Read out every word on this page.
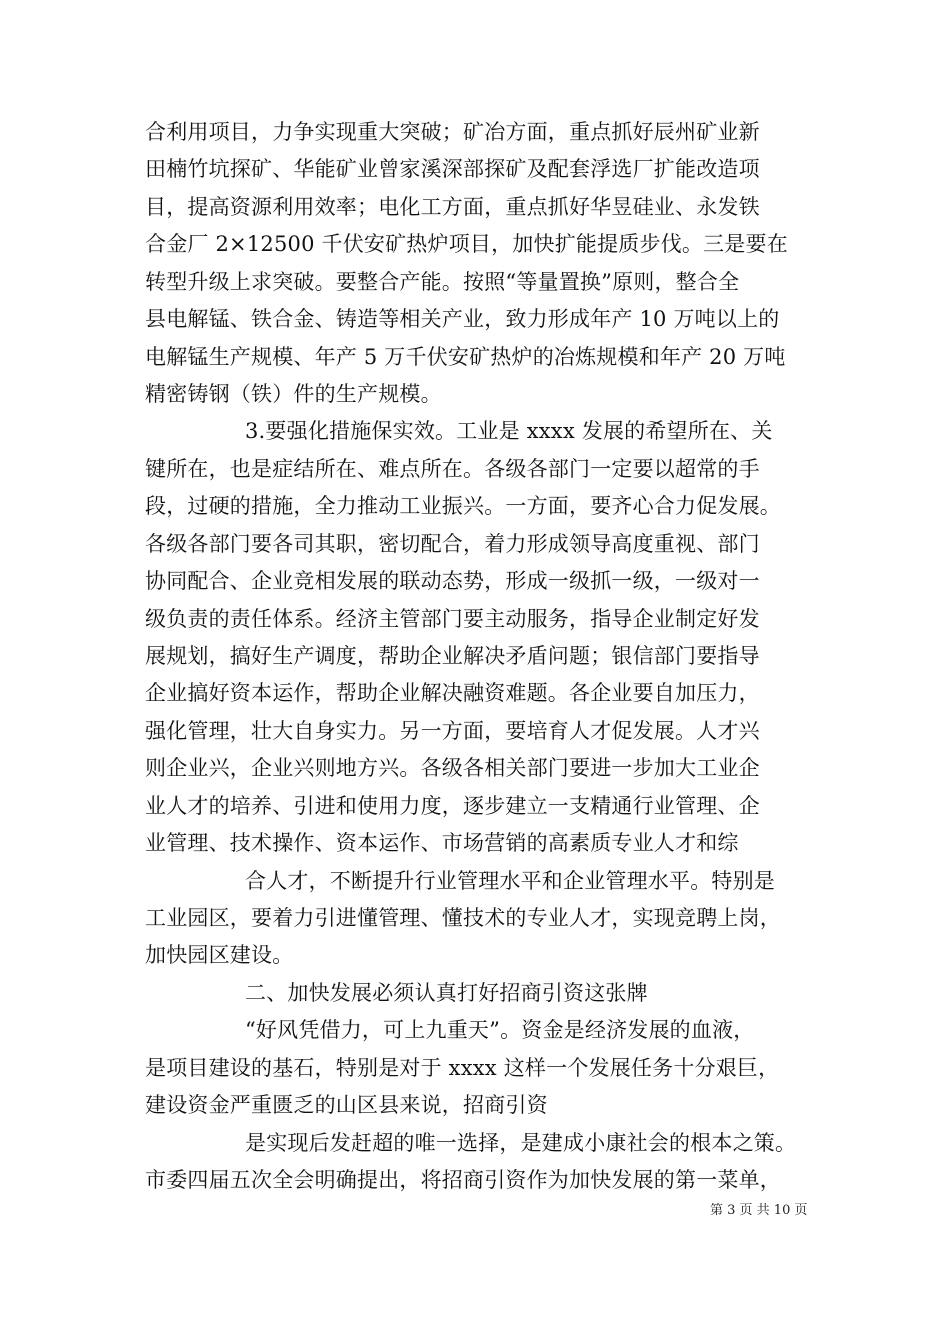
合利用项目，力争实现重大突破；矿冶方面，重点抓好辰州矿业新
田楠竹坑探矿、华能矿业曾家溪深部探矿及配套浮选厂扩能改造项
目，提高资源利用效率；电化工方面，重点抓好华昱硅业、永发铁
合金厂 2×12500 千伏安矿热炉项目，加快扩能提质步伐。三是要在
转型升级上求突破。要整合产能。按照“等量置换”原则，整合全
县电解锰、铁合金、铸造等相关产业，致力形成年产 10 万吨以上的
电解锰生产规模、年产 5 万千伏安矿热炉的冶炼规模和年产 20 万吨
精密铸钢（铁）件的生产规模。
3.要强化措施保实效。工业是 xxxx 发展的希望所在、关
键所在，也是症结所在、难点所在。各级各部门一定要以超常的手
段，过硬的措施，全力推动工业振兴。一方面，要齐心合力促发展。
各级各部门要各司其职，密切配合，着力形成领导高度重视、部门
协同配合、企业竞相发展的联动态势，形成一级抓一级，一级对一
级负责的责任体系。经济主管部门要主动服务，指导企业制定好发
展规划，搞好生产调度，帮助企业解决矛盾问题；银信部门要指导
企业搞好资本运作，帮助企业解决融资难题。各企业要自加压力，
强化管理，壮大自身实力。另一方面，要培育人才促发展。人才兴
则企业兴，企业兴则地方兴。各级各相关部门要进一步加大工业企
业人才的培养、引进和使用力度，逐步建立一支精通行业管理、企
业管理、技术操作、资本运作、市场营销的高素质专业人才和综
合人才，不断提升行业管理水平和企业管理水平。特别是
工业园区，要着力引进懂管理、懂技术的专业人才，实现竞聘上岗，
加快园区建设。
二、加快发展必须认真打好招商引资这张牌
“好风凭借力，可上九重天”。资金是经济发展的血液，
是项目建设的基石，特别是对于 xxxx 这样一个发展任务十分艰巨，
建设资金严重匮乏的山区县来说，招商引资
是实现后发赶超的唯一选择，是建成小康社会的根本之策。
市委四届五次全会明确提出，将招商引资作为加快发展的第一菜单，
第 3 页 共 10 页
